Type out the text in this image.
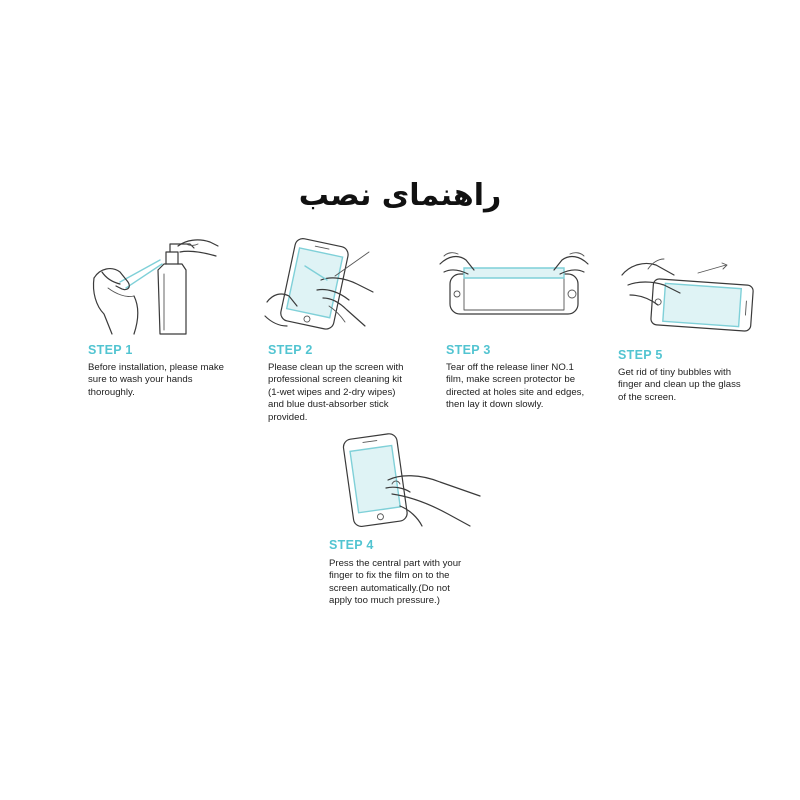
راهنمای نصب
STEP 1
Before installation, please make
sure to wash your hands
thoroughly.
STEP 2
Please clean up the screen with
professional screen cleaning kit
(1-wet wipes and 2-dry wipes)
and blue dust-absorber stick
provided.
STEP 3
Tear off the release liner NO.1
film, make screen protector be
directed at holes site and edges,
then lay it down slowly.
STEP 5
Get rid of tiny bubbles with
finger and clean up the glass
of the screen.
STEP 4
Press the central part with your
finger to fix the film on to the
screen automatically.(Do not
apply too much pressure.)
